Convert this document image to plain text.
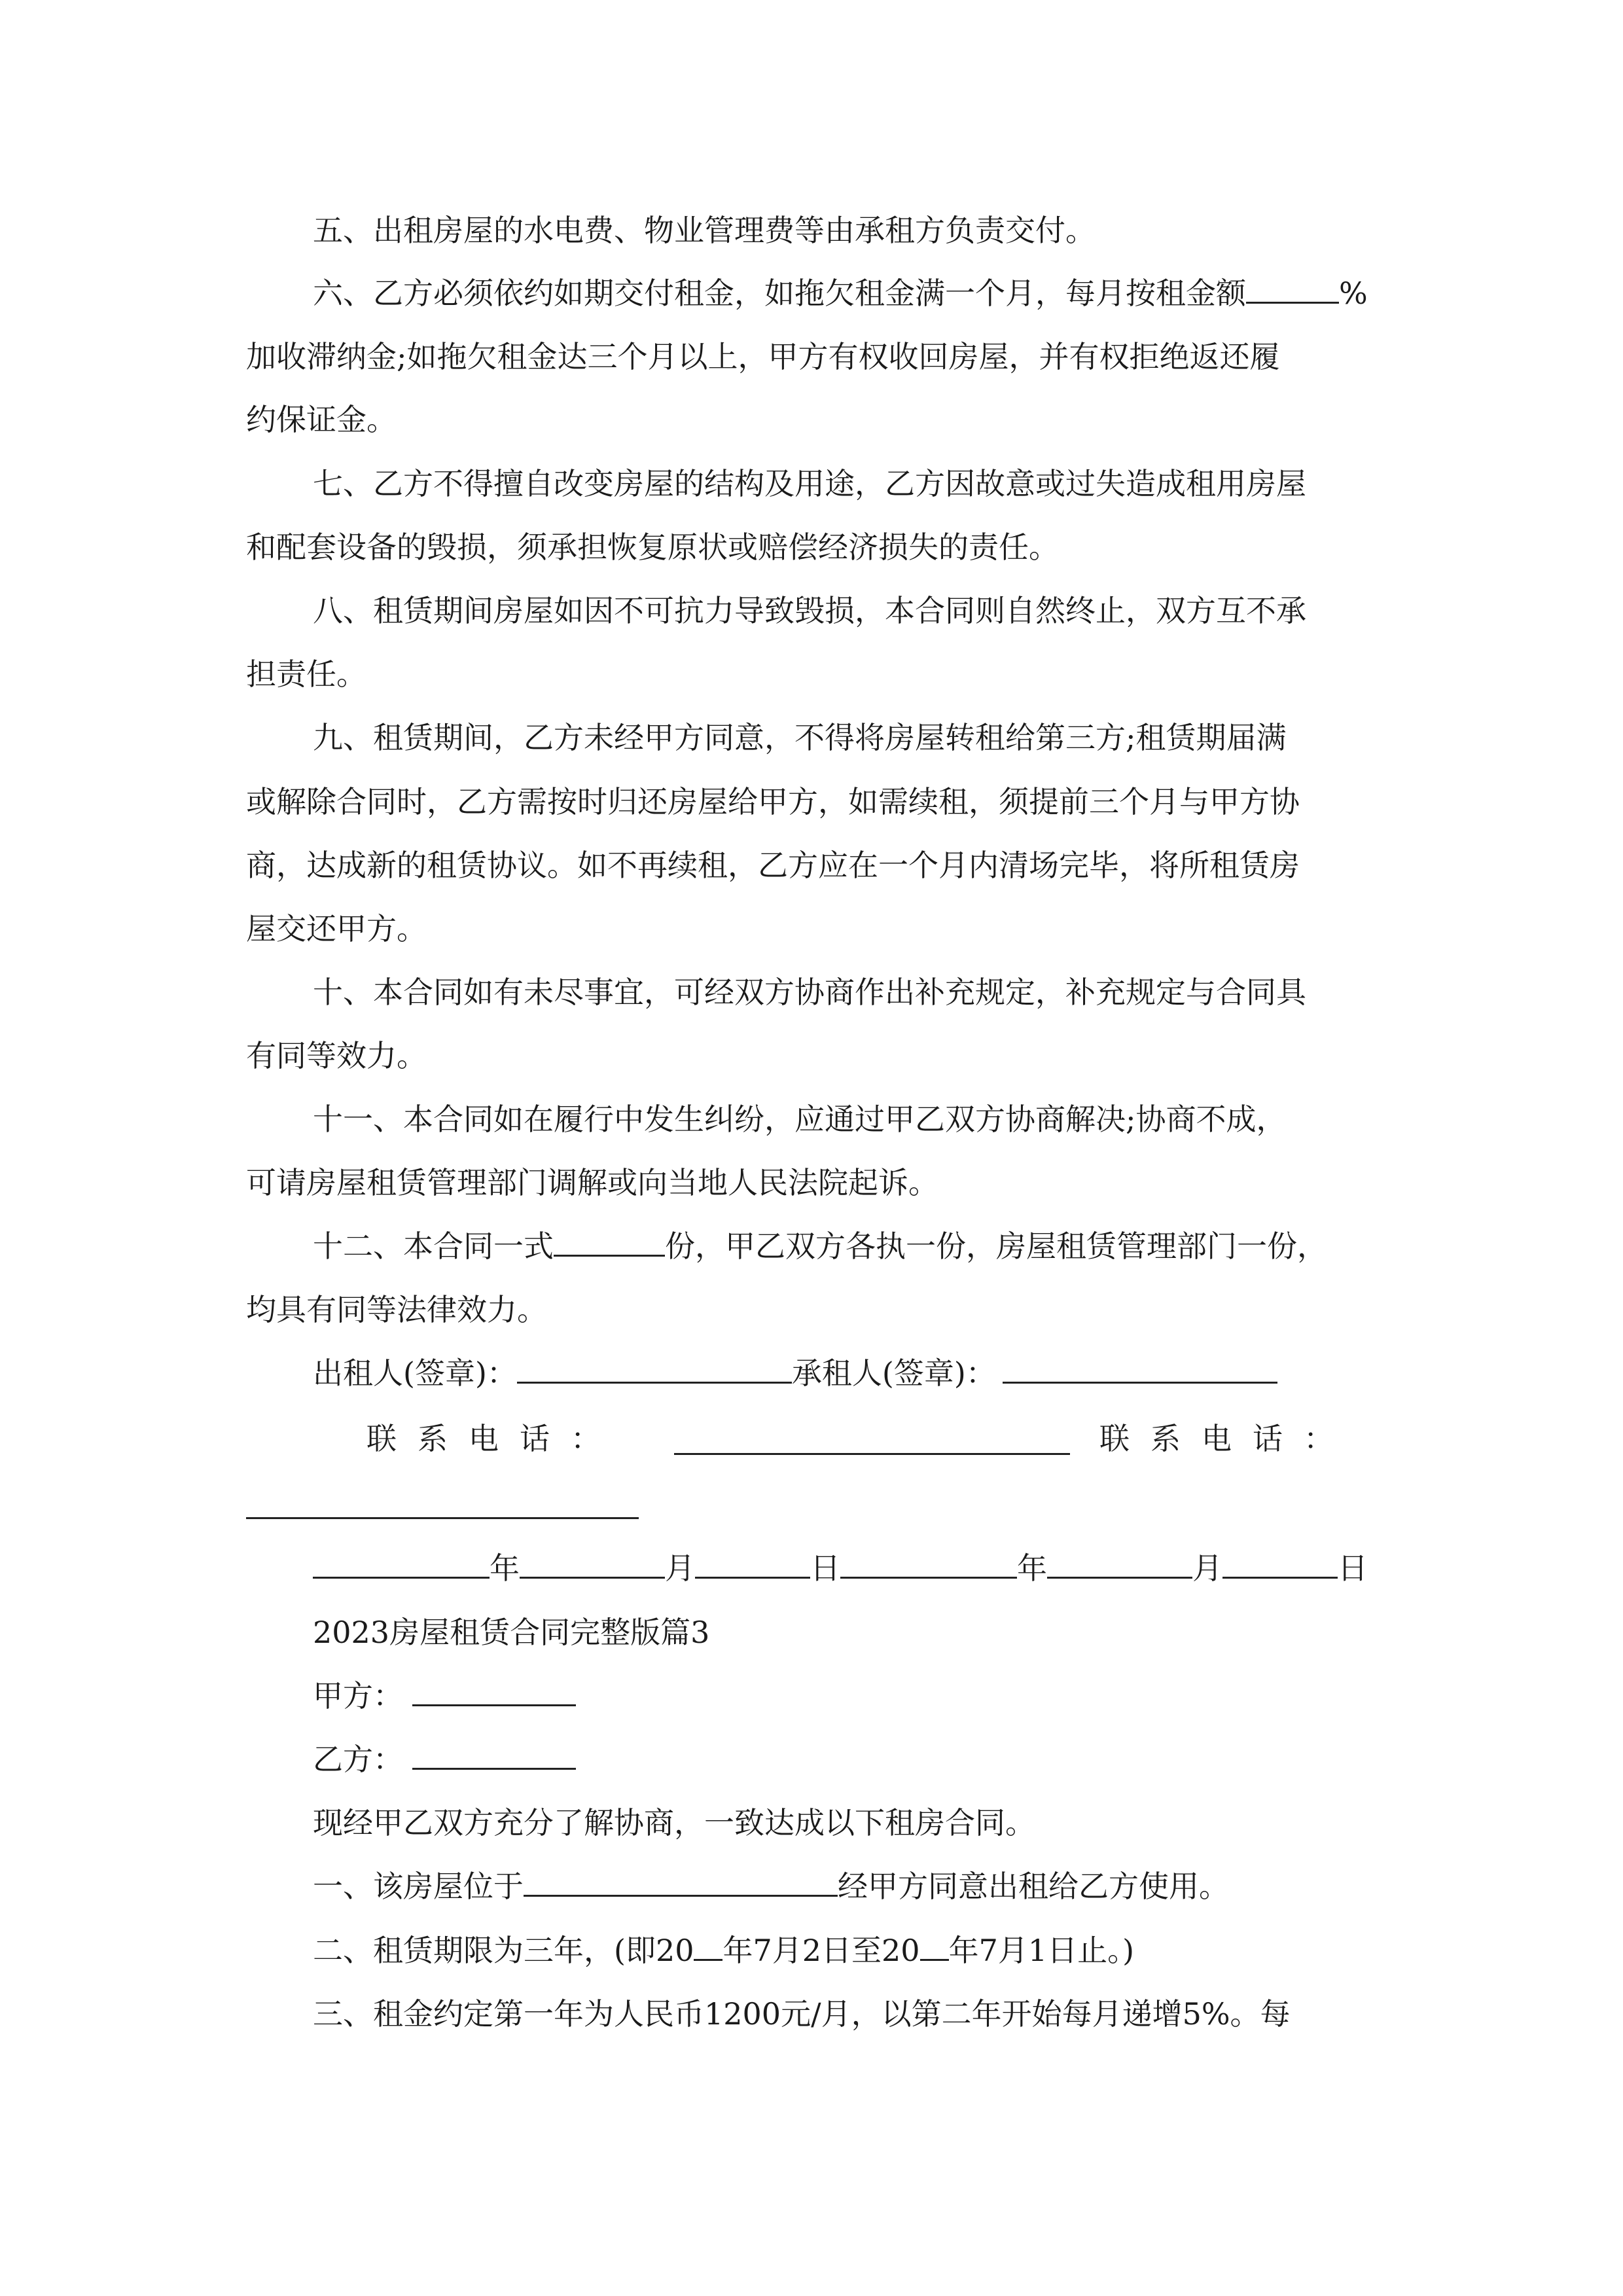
五、出租房屋的水电费、物业管理费等由承租方负责交付。
六、乙方必须依约如期交付租金，如拖欠租金满一个月，每月按租金额	%
加收滞纳金;如拖欠租金达三个月以上，甲方有权收回房屋，并有权拒绝返还履
约保证金。
七、乙方不得擅自改变房屋的结构及用途，乙方因故意或过失造成租用房屋
和配套设备的毁损，须承担恢复原状或赔偿经济损失的责任。
八、租赁期间房屋如因不可抗力导致毁损，本合同则自然终止，双方互不承
担责任。
九、租赁期间，乙方未经甲方同意，不得将房屋转租给第三方;租赁期届满
或解除合同时，乙方需按时归还房屋给甲方，如需续租，须提前三个月与甲方协
商，达成新的租赁协议。如不再续租，乙方应在一个月内清场完毕，将所租赁房
屋交还甲方。
十、本合同如有未尽事宜，可经双方协商作出补充规定，补充规定与合同具
有同等效力。
十一、本合同如在履行中发生纠纷，应通过甲乙双方协商解决;协商不成，
可请房屋租赁管理部门调解或向当地人民法院起诉。
十二、本合同一式	份，甲乙双方各执一份，房屋租赁管理部门一份，
均具有同等法律效力。
出租人(签章)：	承租人(签章)：
联系电话：	联系电话：
年	月	日	年	月	日
2023房屋租赁合同完整版篇3
甲方：
乙方：
现经甲乙双方充分了解协商，一致达成以下租房合同。
一、该房屋位于	经甲方同意出租给乙方使用。
二、租赁期限为三年，(即20 年7月2日至20 年7月1日止。)
三、租金约定第一年为人民币1200元/月，以第二年开始每月递增5%。每
